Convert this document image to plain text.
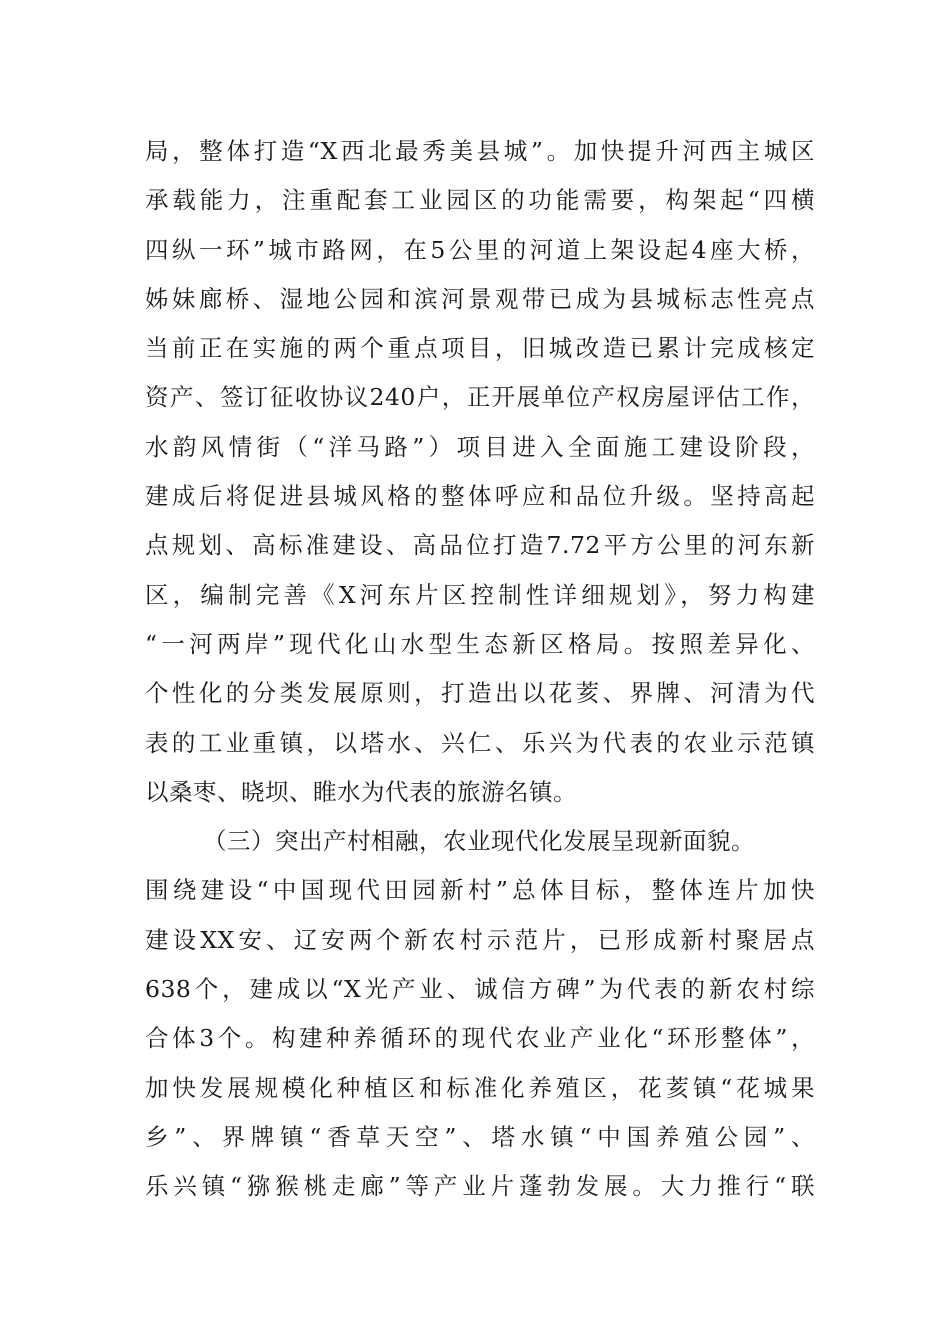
局，整体打造“X西北最秀美县城”。加快提升河西主城区
承载能力，注重配套工业园区的功能需要，构架起“四横
四纵一环”城市路网，在5公里的河道上架设起4座大桥，
姊妹廊桥、湿地公园和滨河景观带已成为县城标志性亮点
当前正在实施的两个重点项目，旧城改造已累计完成核定
资产、签订征收协议240户，正开展单位产权房屋评估工作，
水韵风情街（“洋马路”）项目进入全面施工建设阶段，
建成后将促进县城风格的整体呼应和品位升级。坚持高起
点规划、高标准建设、高品位打造7.72平方公里的河东新
区，编制完善《X河东片区控制性详细规划》，努力构建
“一河两岸”现代化山水型生态新区格局。按照差异化、
个性化的分类发展原则，打造出以花荄、界牌、河清为代
表的工业重镇，以塔水、兴仁、乐兴为代表的农业示范镇
以桑枣、晓坝、睢水为代表的旅游名镇。
（三）突出产村相融，农业现代化发展呈现新面貌。
围绕建设“中国现代田园新村”总体目标，整体连片加快
建设XX安、辽安两个新农村示范片，已形成新村聚居点
638个，建成以“X光产业、诚信方碑”为代表的新农村综
合体3个。构建种养循环的现代农业产业化“环形整体”，
加快发展规模化种植区和标准化养殖区，花荄镇“花城果
乡”、界牌镇“香草天空”、塔水镇“中国养殖公园”、
乐兴镇“猕猴桃走廊”等产业片蓬勃发展。大力推行“联
